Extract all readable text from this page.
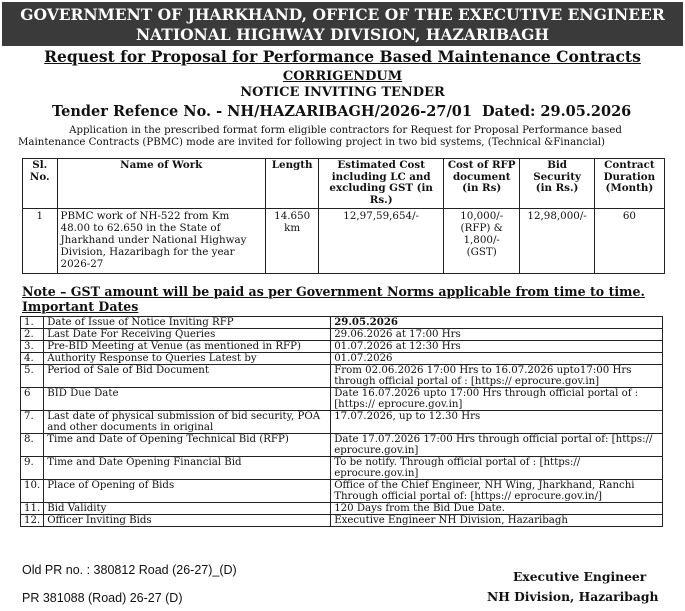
GOVERNMENT OF JHARKHAND, OFFICE OF THE EXECUTIVE ENGINEER
NATIONAL HIGHWAY DIVISION, HAZARIBAGH
Request for Proposal for Performance Based Maintenance Contracts
CORRIGENDUM
NOTICE INVITING TENDER
Tender Refence No. - NH/HAZARIBAGH/2026-27/01 Dated: 29.05.2026
Application in the prescribed format form eligible contractors for Request for Proposal Performance based
Maintenance Contracts (PBMC) mode are invited for following project in two bid systems, (Technical &Financial)
Sl. No.	Name of Work	Length	Estimated Cost including LC and excluding GST (in Rs.)	Cost of RFP document (in Rs)	Bid Security (in Rs.)	Contract Duration (Month)
1	PBMC work of NH-522 from Km 48.00 to 62.650 in the State of Jharkhand under National Highway Division, Hazaribagh for the year 2026-27	14.650 km	12,97,59,654/-	10,000/- (RFP) & 1,800/- (GST)	12,98,000/-	60
Note – GST amount will be paid as per Government Norms applicable from time to time.
Important Dates
1.	Date of Issue of Notice Inviting RFP	29.05.2026
2.	Last Date For Receiving Queries	29.06.2026 at 17:00 Hrs
3.	Pre-BID Meeting at Venue (as mentioned in RFP)	01.07.2026 at 12:30 Hrs
4.	Authority Response to Queries Latest by	01.07.2026
5.	Period of Sale of Bid Document	From 02.06.2026 17:00 Hrs to 16.07.2026 upto17:00 Hrs through official portal of : [https:// eprocure.gov.in]
6	BID Due Date	Date 16.07.2026 upto 17:00 Hrs through official portal of : [https:// eprocure.gov.in]
7.	Last date of physical submission of bid security, POA and other documents in original	17.07.2026, up to 12.30 Hrs
8.	Time and Date of Opening Technical Bid (RFP)	Date 17.07.2026 17:00 Hrs through official portal of: [https:// eprocure.gov.in]
9.	Time and Date Opening Financial Bid	To be notify. Through official portal of : [https:// eprocure.gov.in]
10.	Place of Opening of Bids	Office of the Chief Engineer, NH Wing, Jharkhand, Ranchi Through official portal of: [https:// eprocure.gov.in/]
11.	Bid Validity	120 Days from the Bid Due Date.
12.	Officer Inviting Bids	Executive Engineer NH Division, Hazaribagh
Old PR no. : 380812 Road (26-27)_(D)
PR 381088 (Road) 26-27 (D)
Executive Engineer
NH Division, Hazaribagh
